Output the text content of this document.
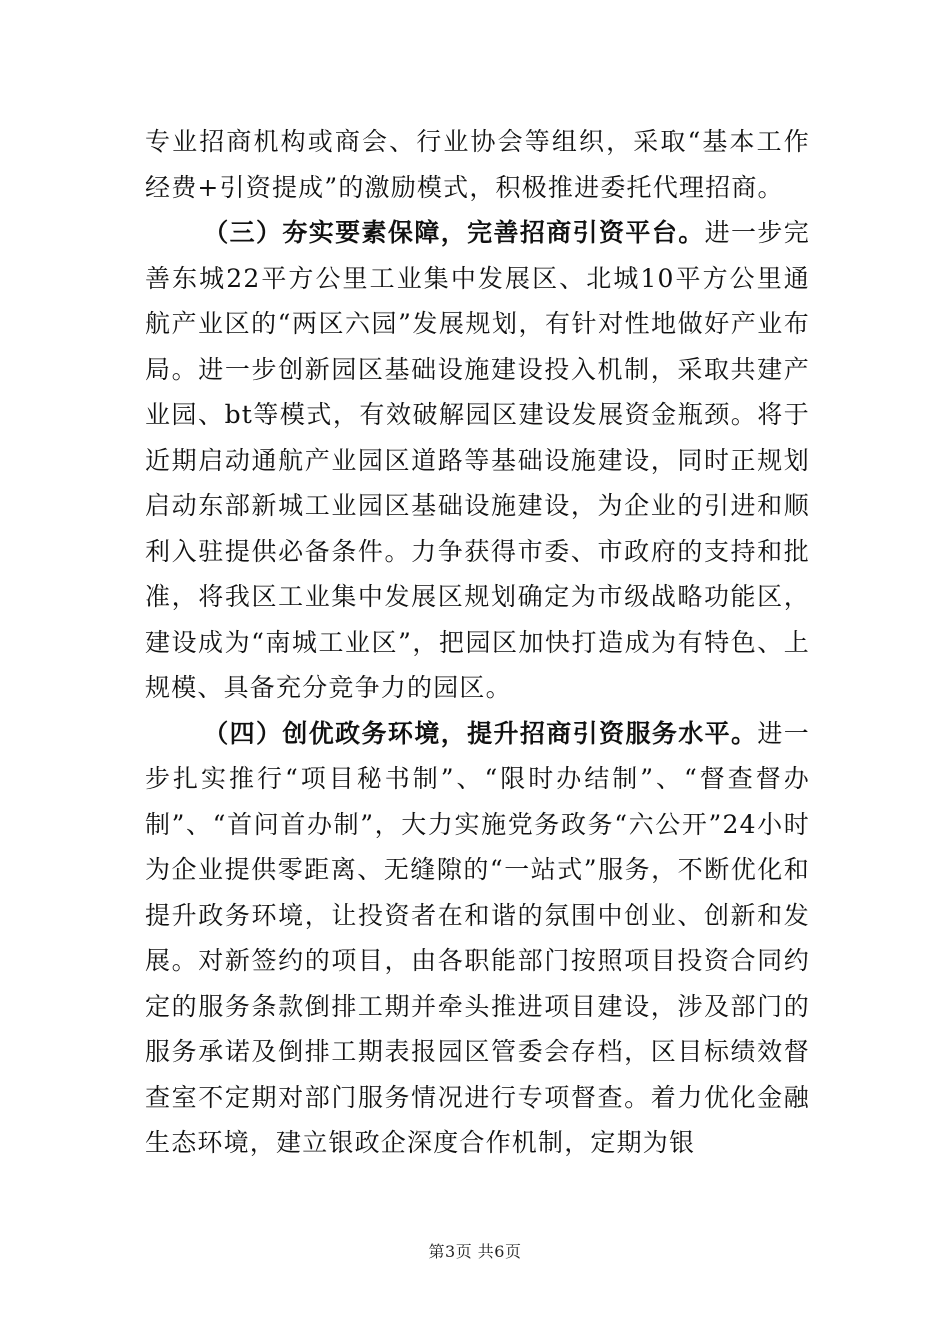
专业招商机构或商会、行业协会等组织，采取“基本工作经费+引资提成”的激励模式，积极推进委托代理招商。

（三）夯实要素保障，完善招商引资平台。进一步完善东城22平方公里工业集中发展区、北城10平方公里通航产业区的“两区六园”发展规划，有针对性地做好产业布局。进一步创新园区基础设施建设投入机制，采取共建产业园、bt等模式，有效破解园区建设发展资金瓶颈。将于近期启动通航产业园区道路等基础设施建设，同时正规划启动东部新城工业园区基础设施建设，为企业的引进和顺利入驻提供必备条件。力争获得市委、市政府的支持和批准，将我区工业集中发展区规划确定为市级战略功能区，建设成为“南城工业区”，把园区加快打造成为有特色、上规模、具备充分竞争力的园区。

（四）创优政务环境，提升招商引资服务水平。进一步扎实推行“项目秘书制”、“限时办结制”、“督查督办制”、“首问首办制”，大力实施党务政务“六公开”24小时为企业提供零距离、无缝隙的“一站式”服务，不断优化和提升政务环境，让投资者在和谐的氛围中创业、创新和发展。对新签约的项目，由各职能部门按照项目投资合同约定的服务条款倒排工期并牵头推进项目建设，涉及部门的服务承诺及倒排工期表报园区管委会存档，区目标绩效督查室不定期对部门服务情况进行专项督查。着力优化金融生态环境，建立银政企深度合作机制，定期为银

第3页 共6页
